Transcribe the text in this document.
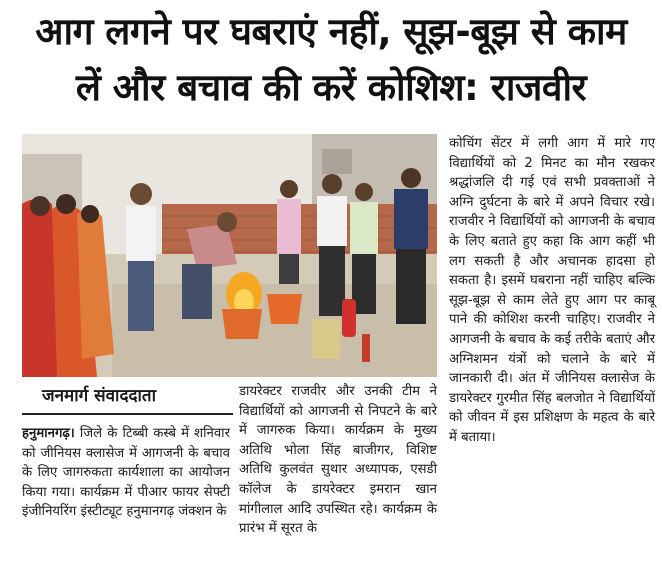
आग लगने पर घबराएं नहीं, सूझ-बूझ से काम
लें और बचाव की करें कोशिश: राजवीर
जनमार्ग संवाददाता

हनुमानगढ़। जिले के टिब्बी कस्बे में शनिवार को जीनियस क्लासेज में आगजनी के बचाव के लिए जागरुकता कार्यशाला का आयोजन किया गया। कार्यक्रम में पीआर फायर सेफ्टी इंजीनियरिंग इंस्टीट्यूट हनुमानगढ़ जंक्शन के

डायरेक्टर राजवीर और उनकी टीम ने विद्यार्थियों को आगजनी से निपटने के बारे में जागरुक किया। कार्यक्रम के मुख्य अतिथि भोला सिंह बाजीगर, विशिष्ट अतिथि कुलवंत सुथार अध्यापक, एसडी कॉलेज के डायरेक्टर इमरान खान मांगीलाल आदि उपस्थित रहे। कार्यक्रम के प्रारंभ में सूरत के

कोचिंग सेंटर में लगी आग में मारे गए विद्यार्थियों को 2 मिनट का मौन रखकर श्रद्धांजलि दी गई एवं सभी प्रवक्ताओं ने अग्नि दुर्घटना के बारे में अपने विचार रखे। राजवीर ने विद्यार्थियों को आगजनी के बचाव के लिए बताते हुए कहा कि आग कहीं भी लग सकती है और अचानक हादसा हो सकता है। इसमें घबराना नहीं चाहिए बल्कि सूझ-बूझ से काम लेते हुए आग पर काबू पाने की कोशिश करनी चाहिए। राजवीर ने आगजनी के बचाव के कई तरीके बताएं और अग्निशमन यंत्रों को चलाने के बारे में जानकारी दी। अंत में जीनियस क्लासेज के डायरेक्टर गुरमीत सिंह बलजोत ने विद्यार्थियों को जीवन में इस प्रशिक्षण के महत्व के बारे में बताया।
